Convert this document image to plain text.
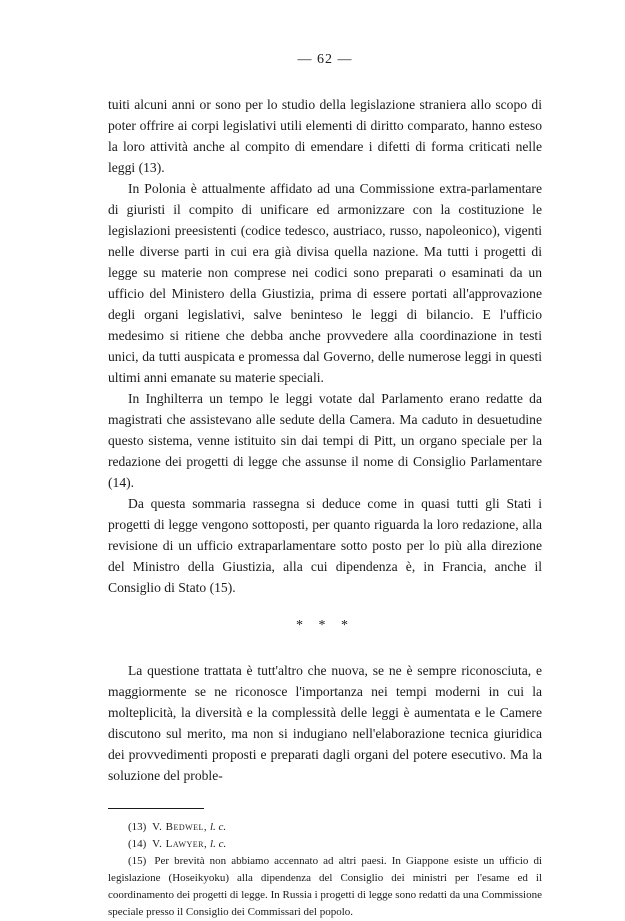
— 62 —

tuiti alcuni anni or sono per lo studio della legislazione straniera allo scopo di poter offrire ai corpi legislativi utili elementi di diritto comparato, hanno esteso la loro attività anche al compito di emendare i difetti di forma criticati nelle leggi (13).

In Polonia è attualmente affidato ad una Commissione extra-parlamentare di giuristi il compito di unificare ed armonizzare con la costituzione le legislazioni preesistenti (codice tedesco, austriaco, russo, napoleonico), vigenti nelle diverse parti in cui era già divisa quella nazione. Ma tutti i progetti di legge su materie non comprese nei codici sono preparati o esaminati da un ufficio del Ministero della Giustizia, prima di essere portati all'approvazione degli organi legislativi, salve beninteso le leggi di bilancio. E l'ufficio medesimo si ritiene che debba anche provvedere alla coordinazione in testi unici, da tutti auspicata e promessa dal Governo, delle numerose leggi in questi ultimi anni emanate su materie speciali.

In Inghilterra un tempo le leggi votate dal Parlamento erano redatte da magistrati che assistevano alle sedute della Camera. Ma caduto in desuetudine questo sistema, venne istituito sin dai tempi di Pitt, un organo speciale per la redazione dei progetti di legge che assunse il nome di Consiglio Parlamentare (14).

Da questa sommaria rassegna si deduce come in quasi tutti gli Stati i progetti di legge vengono sottoposti, per quanto riguarda la loro redazione, alla revisione di un ufficio extraparlamentare sotto posto per lo più alla direzione del Ministro della Giustizia, alla cui dipendenza è, in Francia, anche il Consiglio di Stato (15).

* * *

La questione trattata è tutt'altro che nuova, se ne è sempre riconosciuta, e maggiormente se ne riconosce l'importanza nei tempi moderni in cui la molteplicità, la diversità e la complessità delle leggi è aumentata e le Camere discutono sul merito, ma non si indugiano nell'elaborazione tecnica giuridica dei provvedimenti proposti e preparati dagli organi del potere esecutivo. Ma la soluzione del proble-

(13) V. Bedwel, l. c.

(14) V. Lawyer, l. c.

(15) Per brevità non abbiamo accennato ad altri paesi. In Giappone esiste un ufficio di legislazione (Hoseikyoku) alla dipendenza del Consiglio dei ministri per l'esame ed il coordinamento dei progetti di legge. In Russia i progetti di legge sono redatti da una Commissione speciale presso il Consiglio dei Commissari del popolo.
